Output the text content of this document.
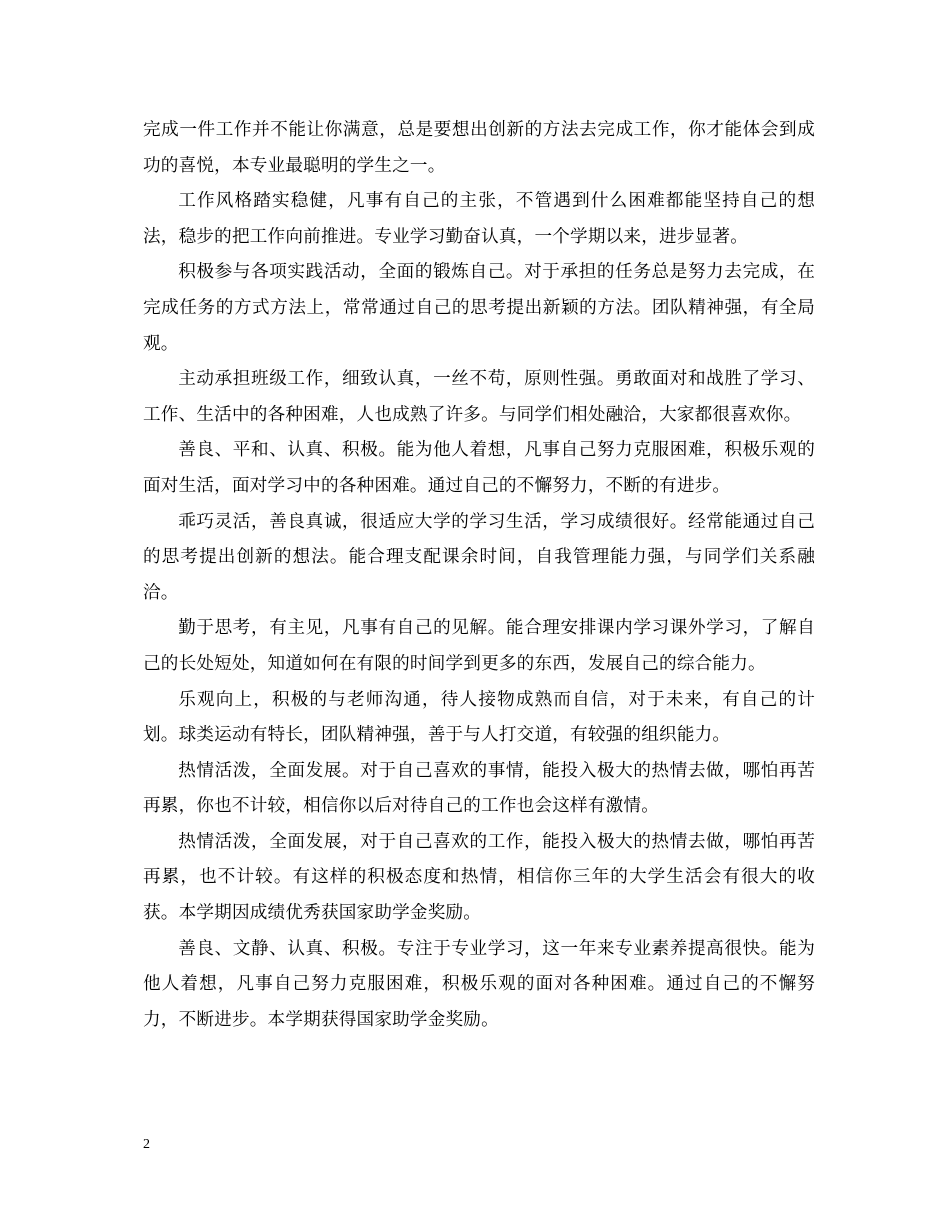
完成一件工作并不能让你满意，总是要想出创新的方法去完成工作，你才能体会到成功的喜悦，本专业最聪明的学生之一。

工作风格踏实稳健，凡事有自己的主张，不管遇到什么困难都能坚持自己的想法，稳步的把工作向前推进。专业学习勤奋认真，一个学期以来，进步显著。

积极参与各项实践活动，全面的锻炼自己。对于承担的任务总是努力去完成，在完成任务的方式方法上，常常通过自己的思考提出新颖的方法。团队精神强，有全局观。

主动承担班级工作，细致认真，一丝不苟，原则性强。勇敢面对和战胜了学习、工作、生活中的各种困难，人也成熟了许多。与同学们相处融洽，大家都很喜欢你。

善良、平和、认真、积极。能为他人着想，凡事自己努力克服困难，积极乐观的面对生活，面对学习中的各种困难。通过自己的不懈努力，不断的有进步。

乖巧灵活，善良真诚，很适应大学的学习生活，学习成绩很好。经常能通过自己的思考提出创新的想法。能合理支配课余时间，自我管理能力强，与同学们关系融洽。

勤于思考，有主见，凡事有自己的见解。能合理安排课内学习课外学习，了解自己的长处短处，知道如何在有限的时间学到更多的东西，发展自己的综合能力。

乐观向上，积极的与老师沟通，待人接物成熟而自信，对于未来，有自己的计划。球类运动有特长，团队精神强，善于与人打交道，有较强的组织能力。

热情活泼，全面发展。对于自己喜欢的事情，能投入极大的热情去做，哪怕再苦再累，你也不计较，相信你以后对待自己的工作也会这样有激情。

热情活泼，全面发展，对于自己喜欢的工作，能投入极大的热情去做，哪怕再苦再累，也不计较。有这样的积极态度和热情，相信你三年的大学生活会有很大的收获。本学期因成绩优秀获国家助学金奖励。

善良、文静、认真、积极。专注于专业学习，这一年来专业素养提高很快。能为他人着想，凡事自己努力克服困难，积极乐观的面对各种困难。通过自己的不懈努力，不断进步。本学期获得国家助学金奖励。

2
